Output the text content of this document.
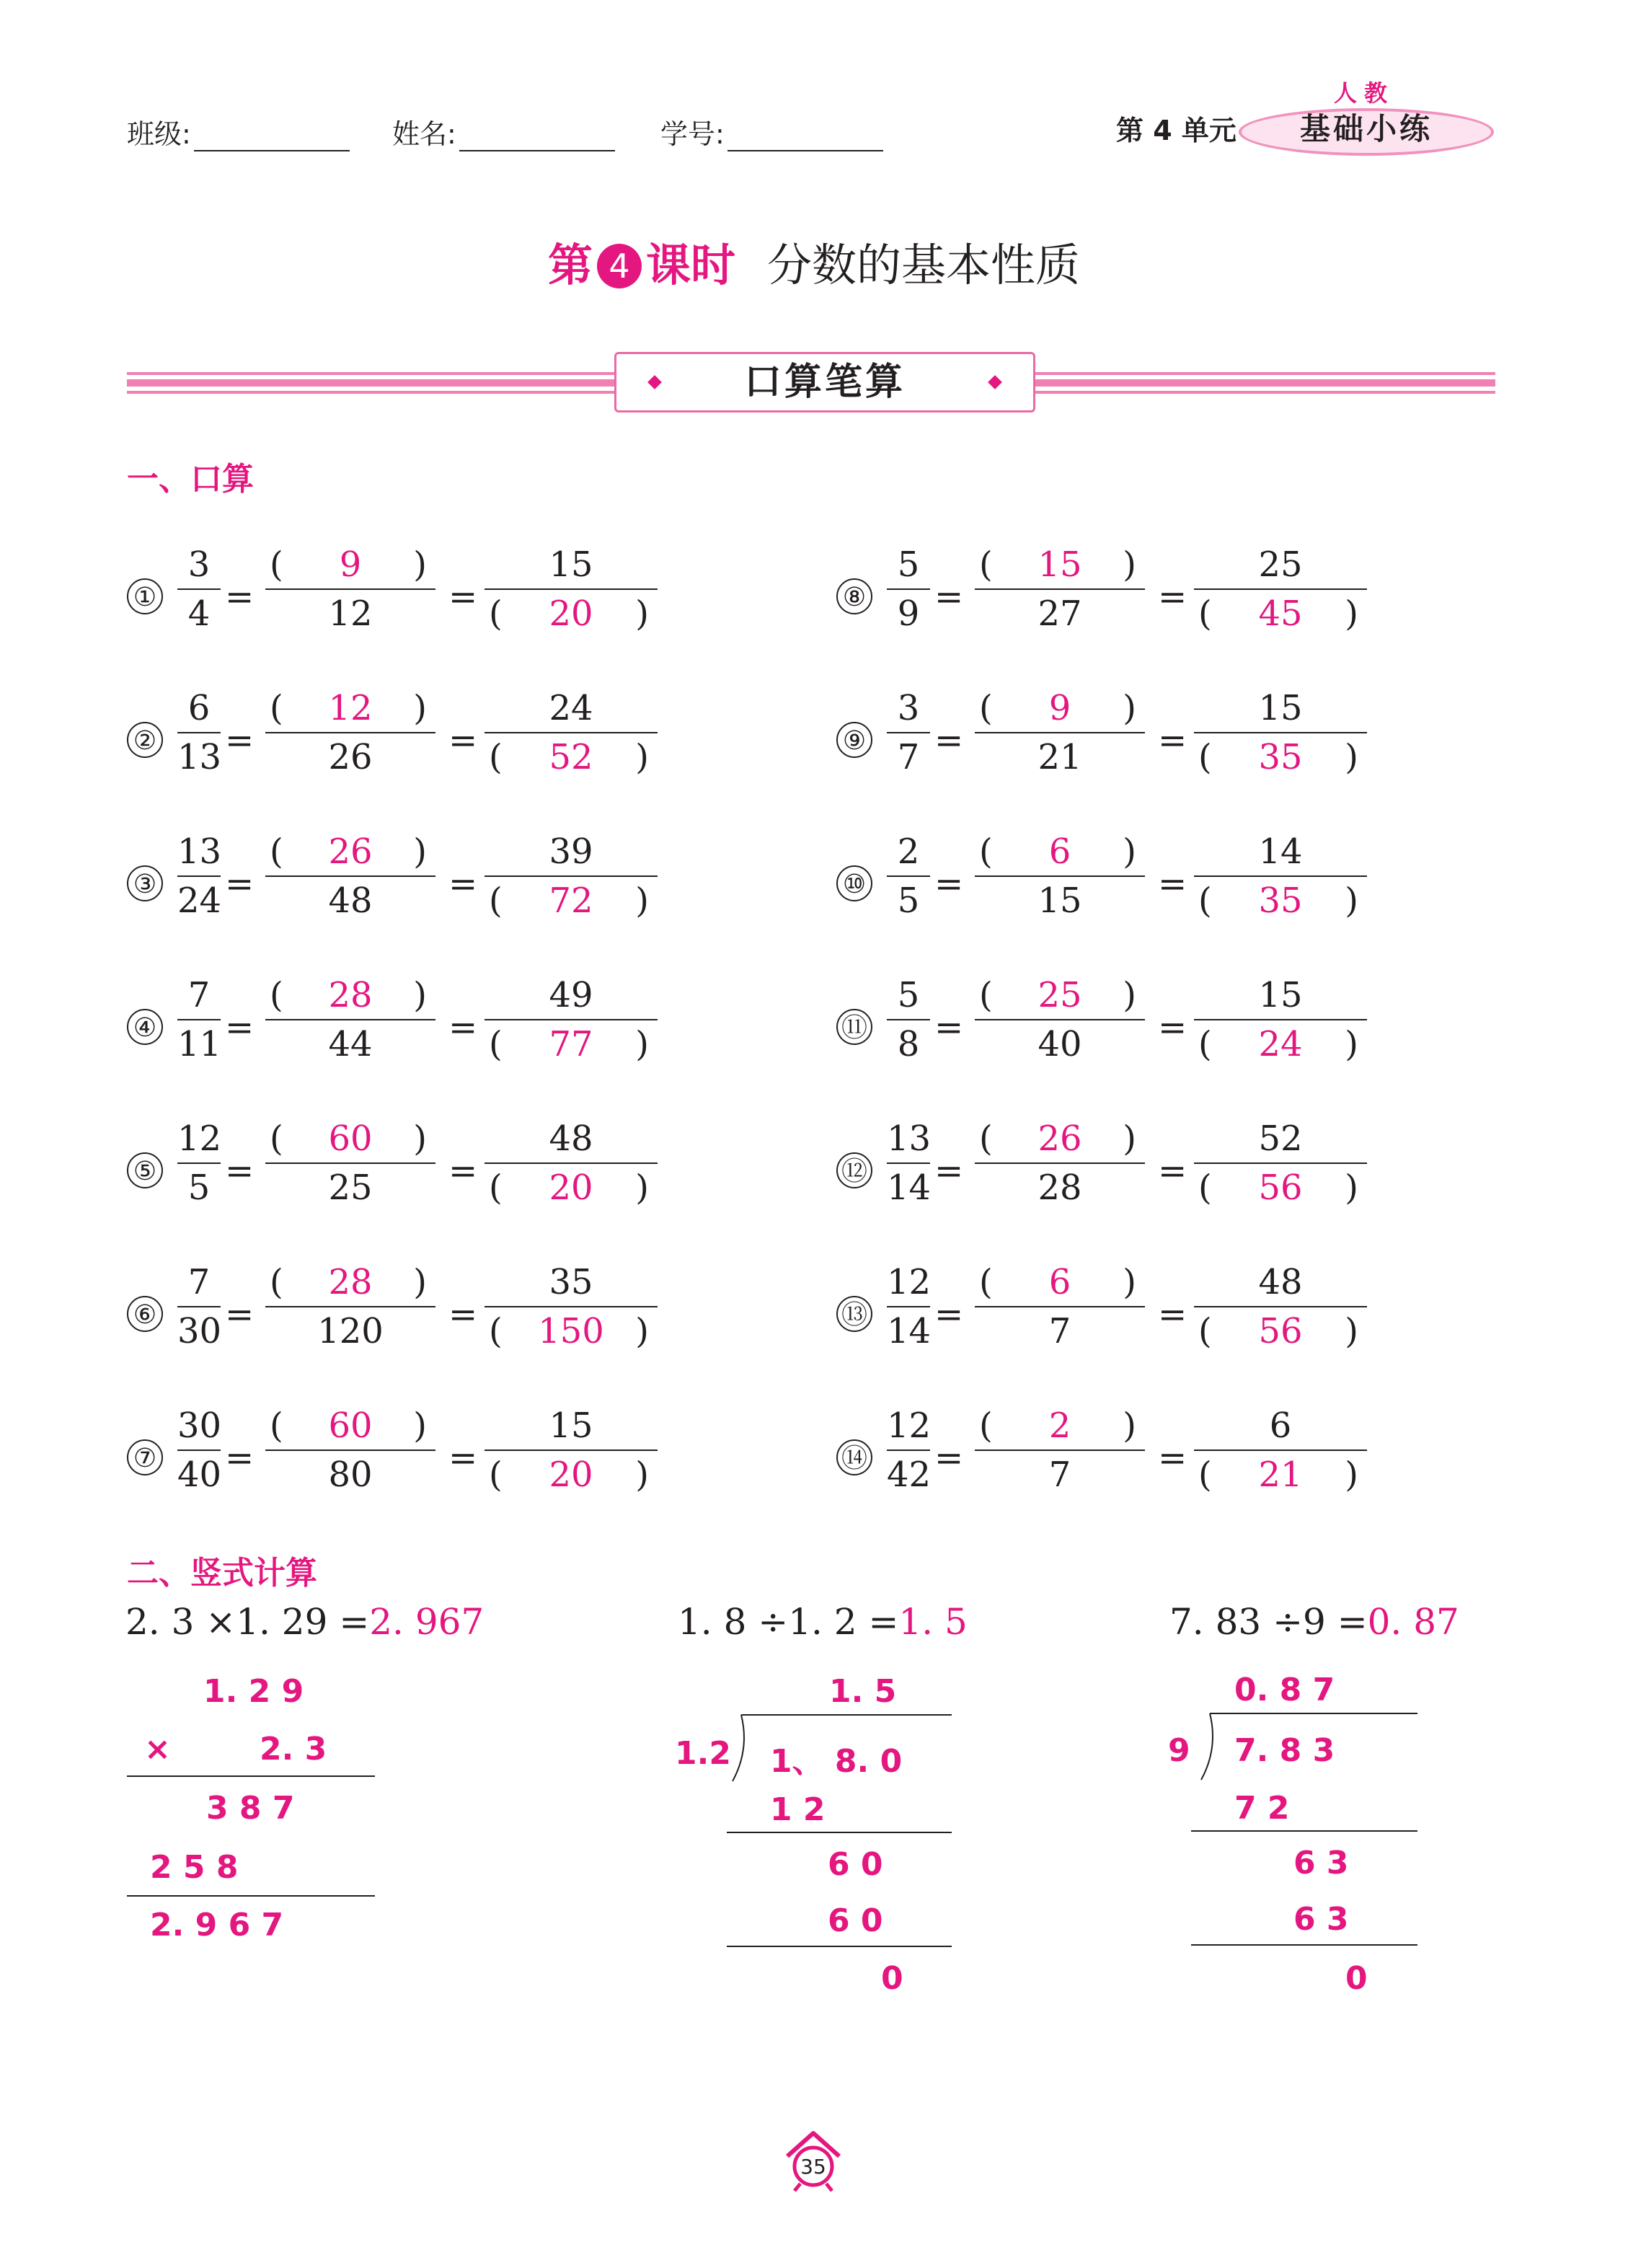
班级:	姓名:	学号:	第 4 单元
人教
基础小练
第 4 课时 分数的基本性质
口算笔算
一、口算
①
3
4 =
( 9 )
12	=
15
( 20 )
②
6
13 =
( 12 )
26	=
24
( 52 )
③
13
24 =
( 26 )
48	=
39
( 72 )
④
7
11 =
( 28 )
44	=
49
( 77 )
⑤
12
5 =
( 60 )
25	=
48
( 20 )
⑥
7
30 =
( 28 )
120	=
35
( 150 )
⑦
30
40 =
( 60 )
80	=
15
( 20 )
⑧
5
9 =
( 15 )
27	=
25
( 45 )
⑨
3
7 =
( 9 )
21	=
15
( 35 )
⑩
2
5 =
( 6 )
15	=
14
( 35 )
⑪
5
8 =
( 25 )
40	=
15
( 24 )
⑫
13
14 =
( 26 )
28	=
52
( 56 )
⑬
12
14 =
( 6 )
7	=
48
( 56 )
⑭
12
42 =
( 2 )
7	=
6
( 21 )
二、竖式计算
2. 3 ×1. 29 =2. 967
1. 2 9
×	2. 3
3 8 7
2 5 8
2. 9 6 7
1. 8 ÷1. 2 =1. 5
1. 5
1.2 1、 8. 0
1 2
6 0
6 0
0
7. 83 ÷9 =0. 87
0. 8 7
9 7. 8 3
7 2
6 3
6 3
0
35
